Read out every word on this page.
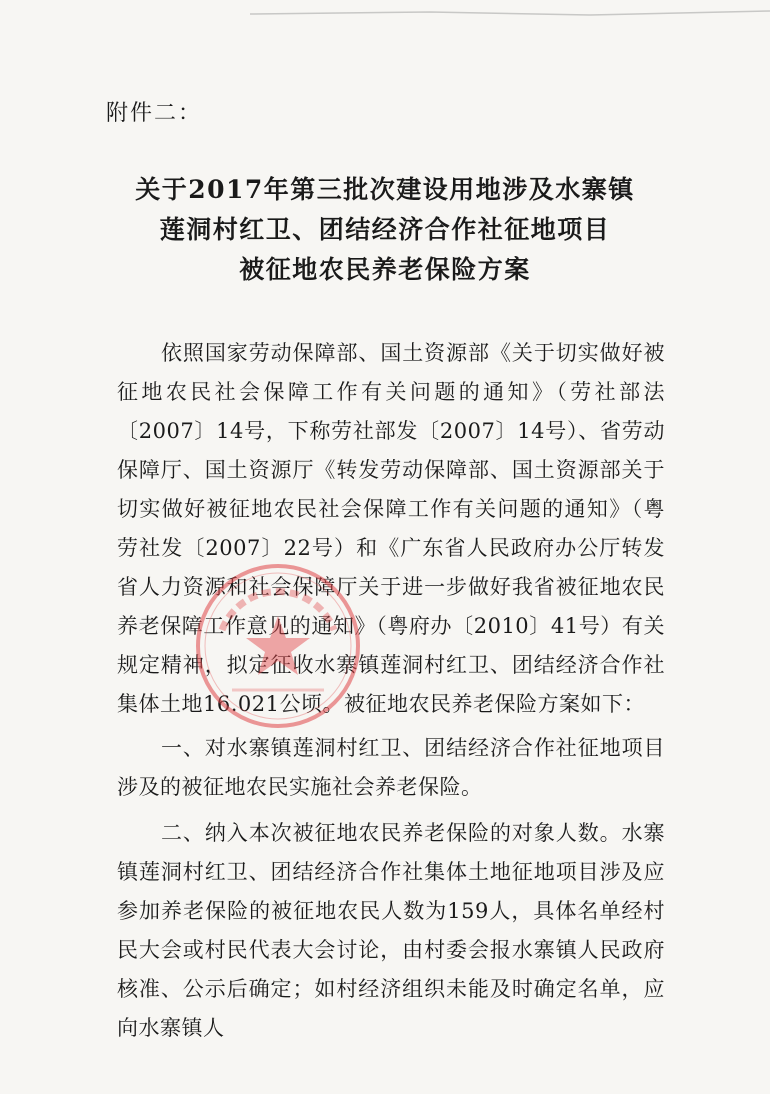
附件二：
关于2017年第三批次建设用地涉及水寨镇
莲洞村红卫、团结经济合作社征地项目
被征地农民养老保险方案

依照国家劳动保障部、国土资源部《关于切实做好被征地农民社会保障工作有关问题的通知》（劳社部法〔2007〕14号，下称劳社部发〔2007〕14号）、省劳动保障厅、国土资源厅《转发劳动保障部、国土资源部关于切实做好被征地农民社会保障工作有关问题的通知》（粤劳社发〔2007〕22号）和《广东省人民政府办公厅转发省人力资源和社会保障厅关于进一步做好我省被征地农民养老保障工作意见的通知》（粤府办〔2010〕41号）有关规定精神，拟定征收水寨镇莲洞村红卫、团结经济合作社集体土地16.021公顷。被征地农民养老保险方案如下：

一、对水寨镇莲洞村红卫、团结经济合作社征地项目涉及的被征地农民实施社会养老保险。

二、纳入本次被征地农民养老保险的对象人数。水寨镇莲洞村红卫、团结经济合作社集体土地征地项目涉及应参加养老保险的被征地农民人数为159人，具体名单经村民大会或村民代表大会讨论，由村委会报水寨镇人民政府核准、公示后确定；如村经济组织未能及时确定名单，应向水寨镇人
